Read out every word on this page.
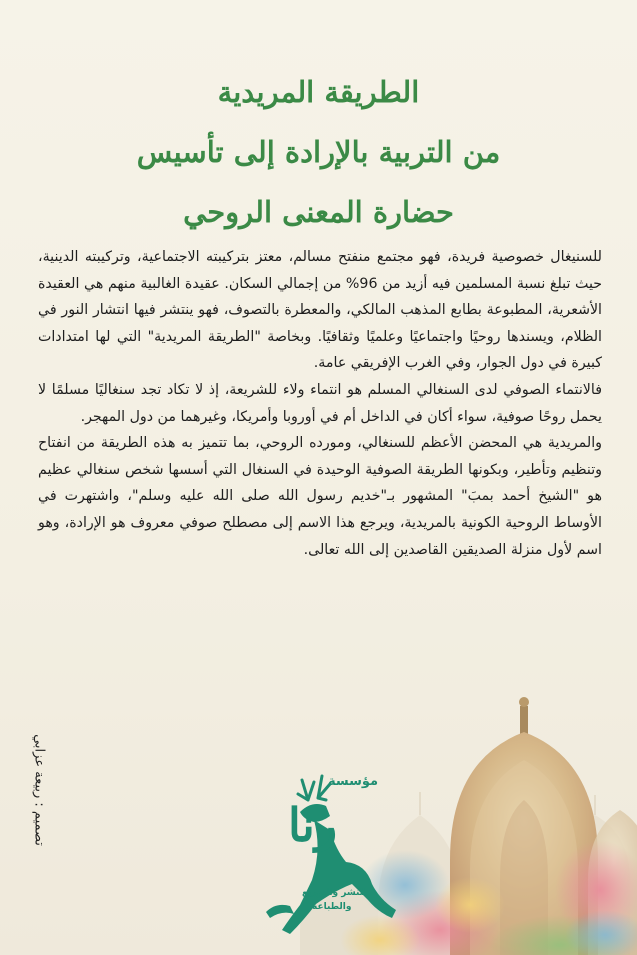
الطريقة المريدية
من التربية بالإرادة إلى تأسيس
حضارة المعنى الروحي

للسنيغال خصوصية فريدة، فهو مجتمع منفتح مسالم، معتز بتركيبته الاجتماعية، وتركيبته الدينية، حيث تبلغ نسبة المسلمين فيه أزيد من 96% من إجمالي السكان. عقيدة الغالبية منهم هي العقيدة الأشعرية، المطبوعة بطابع المذهب المالكي، والمعطرة بالتصوف، فهو ينتشر فيها انتشار النور في الظلام، ويسندها روحيًا واجتماعيًا وعلميًا وثقافيًا. وبخاصة "الطريقة المريدية" التي لها امتدادات كبيرة في دول الجوار، وفي الغرب الإفريقي عامة.

فالانتماء الصوفي لدى السنغالي المسلم هو انتماء ولاء للشريعة، إذ لا تكاد تجد سنغاليًا مسلمًا لا يحمل روحًا صوفية، سواء أكان في الداخل أم في أوروبا وأمريكا، وغيرهما من دول المهجر.

والمريدية هي المحضن الأعظم للسنغالي، ومورده الروحي، بما تتميز به هذه الطريقة من انفتاح وتنظيم وتأطير، وبكونها الطريقة الصوفية الوحيدة في السنغال التي أسسها شخص سنغالي عظيم هو "الشيخ أحمد بمبَ" المشهور بـ"خديم رسول الله صلى الله عليه وسلم"، واشتهرت في الأوساط الروحية الكونية بالمريدية، ويرجع هذا الاسم إلى مصطلح صوفي معروف هو الإرادة، وهو اسم لأول منزلة الصديقين القاصدين إلى الله تعالى.

تصميم : ربيعة عزابي	مؤسسة
رنا
للنشر والتوزيع
والطباعة
